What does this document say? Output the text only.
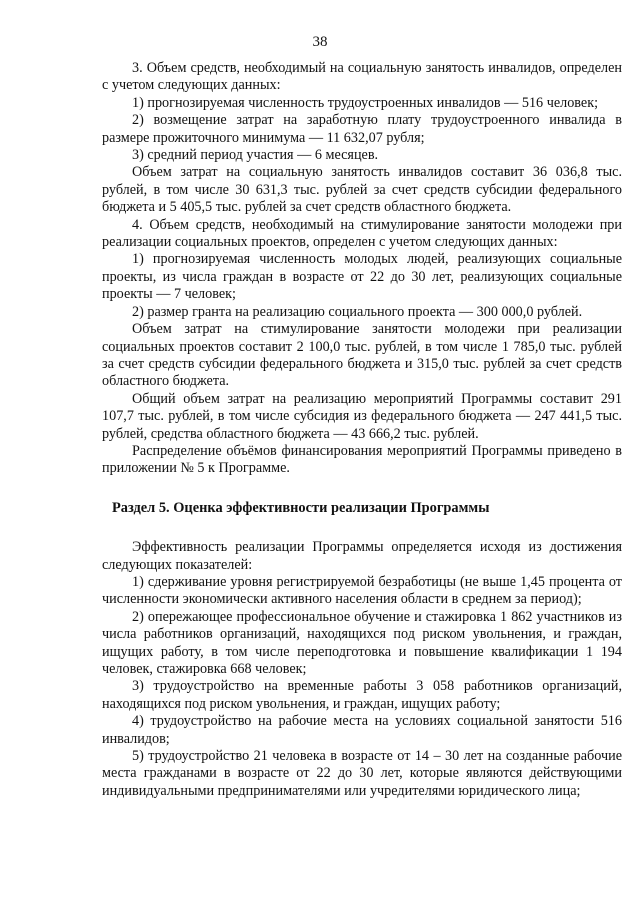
38

3. Объем средств, необходимый на социальную занятость инвалидов, определен с учетом следующих данных:

1) прогнозируемая численность трудоустроенных инвалидов — 516 человек;

2) возмещение затрат на заработную плату трудоустроенного инвалида в размере прожиточного минимума — 11 632,07 рубля;

3) средний период участия — 6 месяцев.

Объем затрат на социальную занятость инвалидов составит 36 036,8 тыс. рублей, в том числе 30 631,3 тыс. рублей за счет средств субсидии федерального бюджета и 5 405,5 тыс. рублей за счет средств областного бюджета.

4. Объем средств, необходимый на стимулирование занятости молодежи при реализации социальных проектов, определен с учетом следующих данных:

1) прогнозируемая численность молодых людей, реализующих социальные проекты, из числа граждан в возрасте от 22 до 30 лет, реализующих социальные проекты — 7 человек;

2) размер гранта на реализацию социального проекта — 300 000,0 рублей.

Объем затрат на стимулирование занятости молодежи при реализации социальных проектов составит 2 100,0 тыс. рублей, в том числе 1 785,0 тыс. рублей за счет средств субсидии федерального бюджета и 315,0 тыс. рублей за счет средств областного бюджета.

Общий объем затрат на реализацию мероприятий Программы составит 291 107,7 тыс. рублей, в том числе субсидия из федерального бюджета — 247 441,5 тыс. рублей, средства областного бюджета — 43 666,2 тыс. рублей.

Распределение объёмов финансирования мероприятий Программы приведено в приложении № 5 к Программе.

Раздел 5. Оценка эффективности реализации Программы

Эффективность реализации Программы определяется исходя из достижения следующих показателей:

1) сдерживание уровня регистрируемой безработицы (не выше 1,45 процента от численности экономически активного населения области в среднем за период);

2) опережающее профессиональное обучение и стажировка 1 862 участников из числа работников организаций, находящихся под риском увольнения, и граждан, ищущих работу, в том числе переподготовка и повышение квалификации 1 194 человек, стажировка 668 человек;

3) трудоустройство на временные работы 3 058 работников организаций, находящихся под риском увольнения, и граждан, ищущих работу;

4) трудоустройство на рабочие места на условиях социальной занятости 516 инвалидов;

5) трудоустройство 21 человека в возрасте от 14 – 30 лет на созданные рабочие места гражданами в возрасте от 22 до 30 лет, которые являются действующими индивидуальными предпринимателями или учредителями юридического лица;
